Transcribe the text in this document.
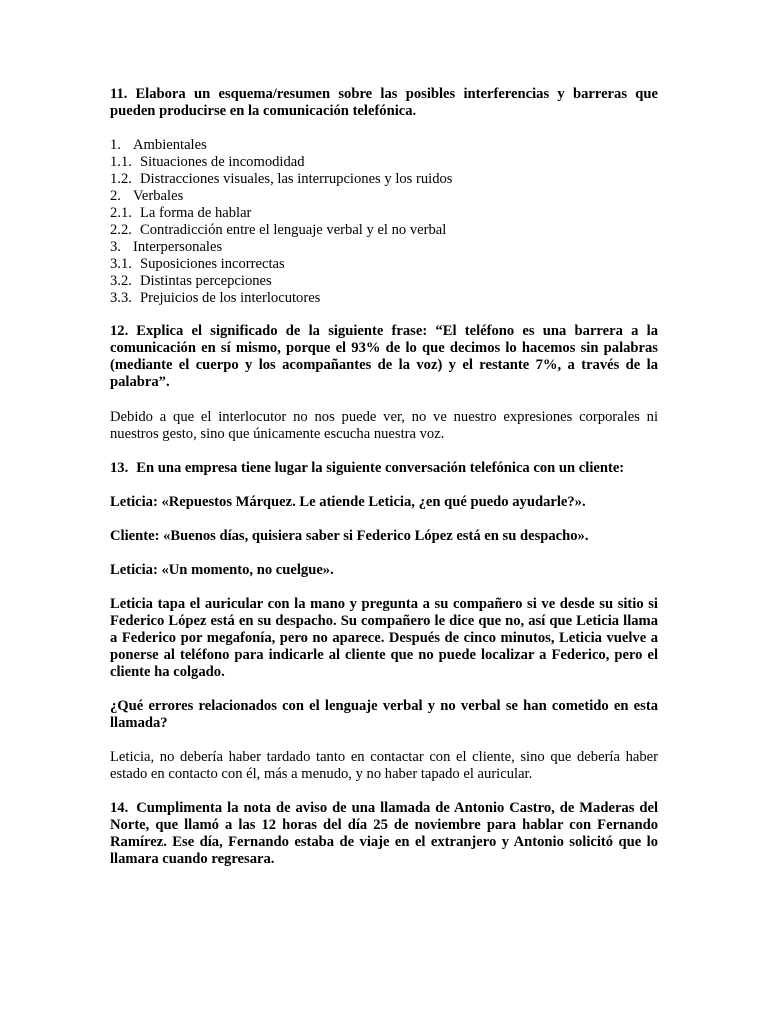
11. Elabora un esquema/resumen sobre las posibles interferencias y barreras que pueden producirse en la comunicación telefónica.

1. Ambientales
1.1. Situaciones de incomodidad
1.2. Distracciones visuales, las interrupciones y los ruidos
2. Verbales
2.1. La forma de hablar
2.2. Contradicción entre el lenguaje verbal y el no verbal
3. Interpersonales
3.1. Suposiciones incorrectas
3.2. Distintas percepciones
3.3. Prejuicios de los interlocutores

12. Explica el significado de la siguiente frase: “El teléfono es una barrera a la comunicación en sí mismo, porque el 93% de lo que decimos lo hacemos sin palabras (mediante el cuerpo y los acompañantes de la voz) y el restante 7%, a través de la palabra”.

Debido a que el interlocutor no nos puede ver, no ve nuestro expresiones corporales ni nuestros gesto, sino que únicamente escucha nuestra voz.

13. En una empresa tiene lugar la siguiente conversación telefónica con un cliente:

Leticia: «Repuestos Márquez. Le atiende Leticia, ¿en qué puedo ayudarle?».

Cliente: «Buenos días, quisiera saber si Federico López está en su despacho».

Leticia: «Un momento, no cuelgue».

Leticia tapa el auricular con la mano y pregunta a su compañero si ve desde su sitio si Federico López está en su despacho. Su compañero le dice que no, así que Leticia llama a Federico por megafonía, pero no aparece. Después de cinco minutos, Leticia vuelve a ponerse al teléfono para indicarle al cliente que no puede localizar a Federico, pero el cliente ha colgado.

¿Qué errores relacionados con el lenguaje verbal y no verbal se han cometido en esta llamada?

Leticia, no debería haber tardado tanto en contactar con el cliente, sino que debería haber estado en contacto con él, más a menudo, y no haber tapado el auricular.

14. Cumplimenta la nota de aviso de una llamada de Antonio Castro, de Maderas del Norte, que llamó a las 12 horas del día 25 de noviembre para hablar con Fernando Ramírez. Ese día, Fernando estaba de viaje en el extranjero y Antonio solicitó que lo llamara cuando regresara.
